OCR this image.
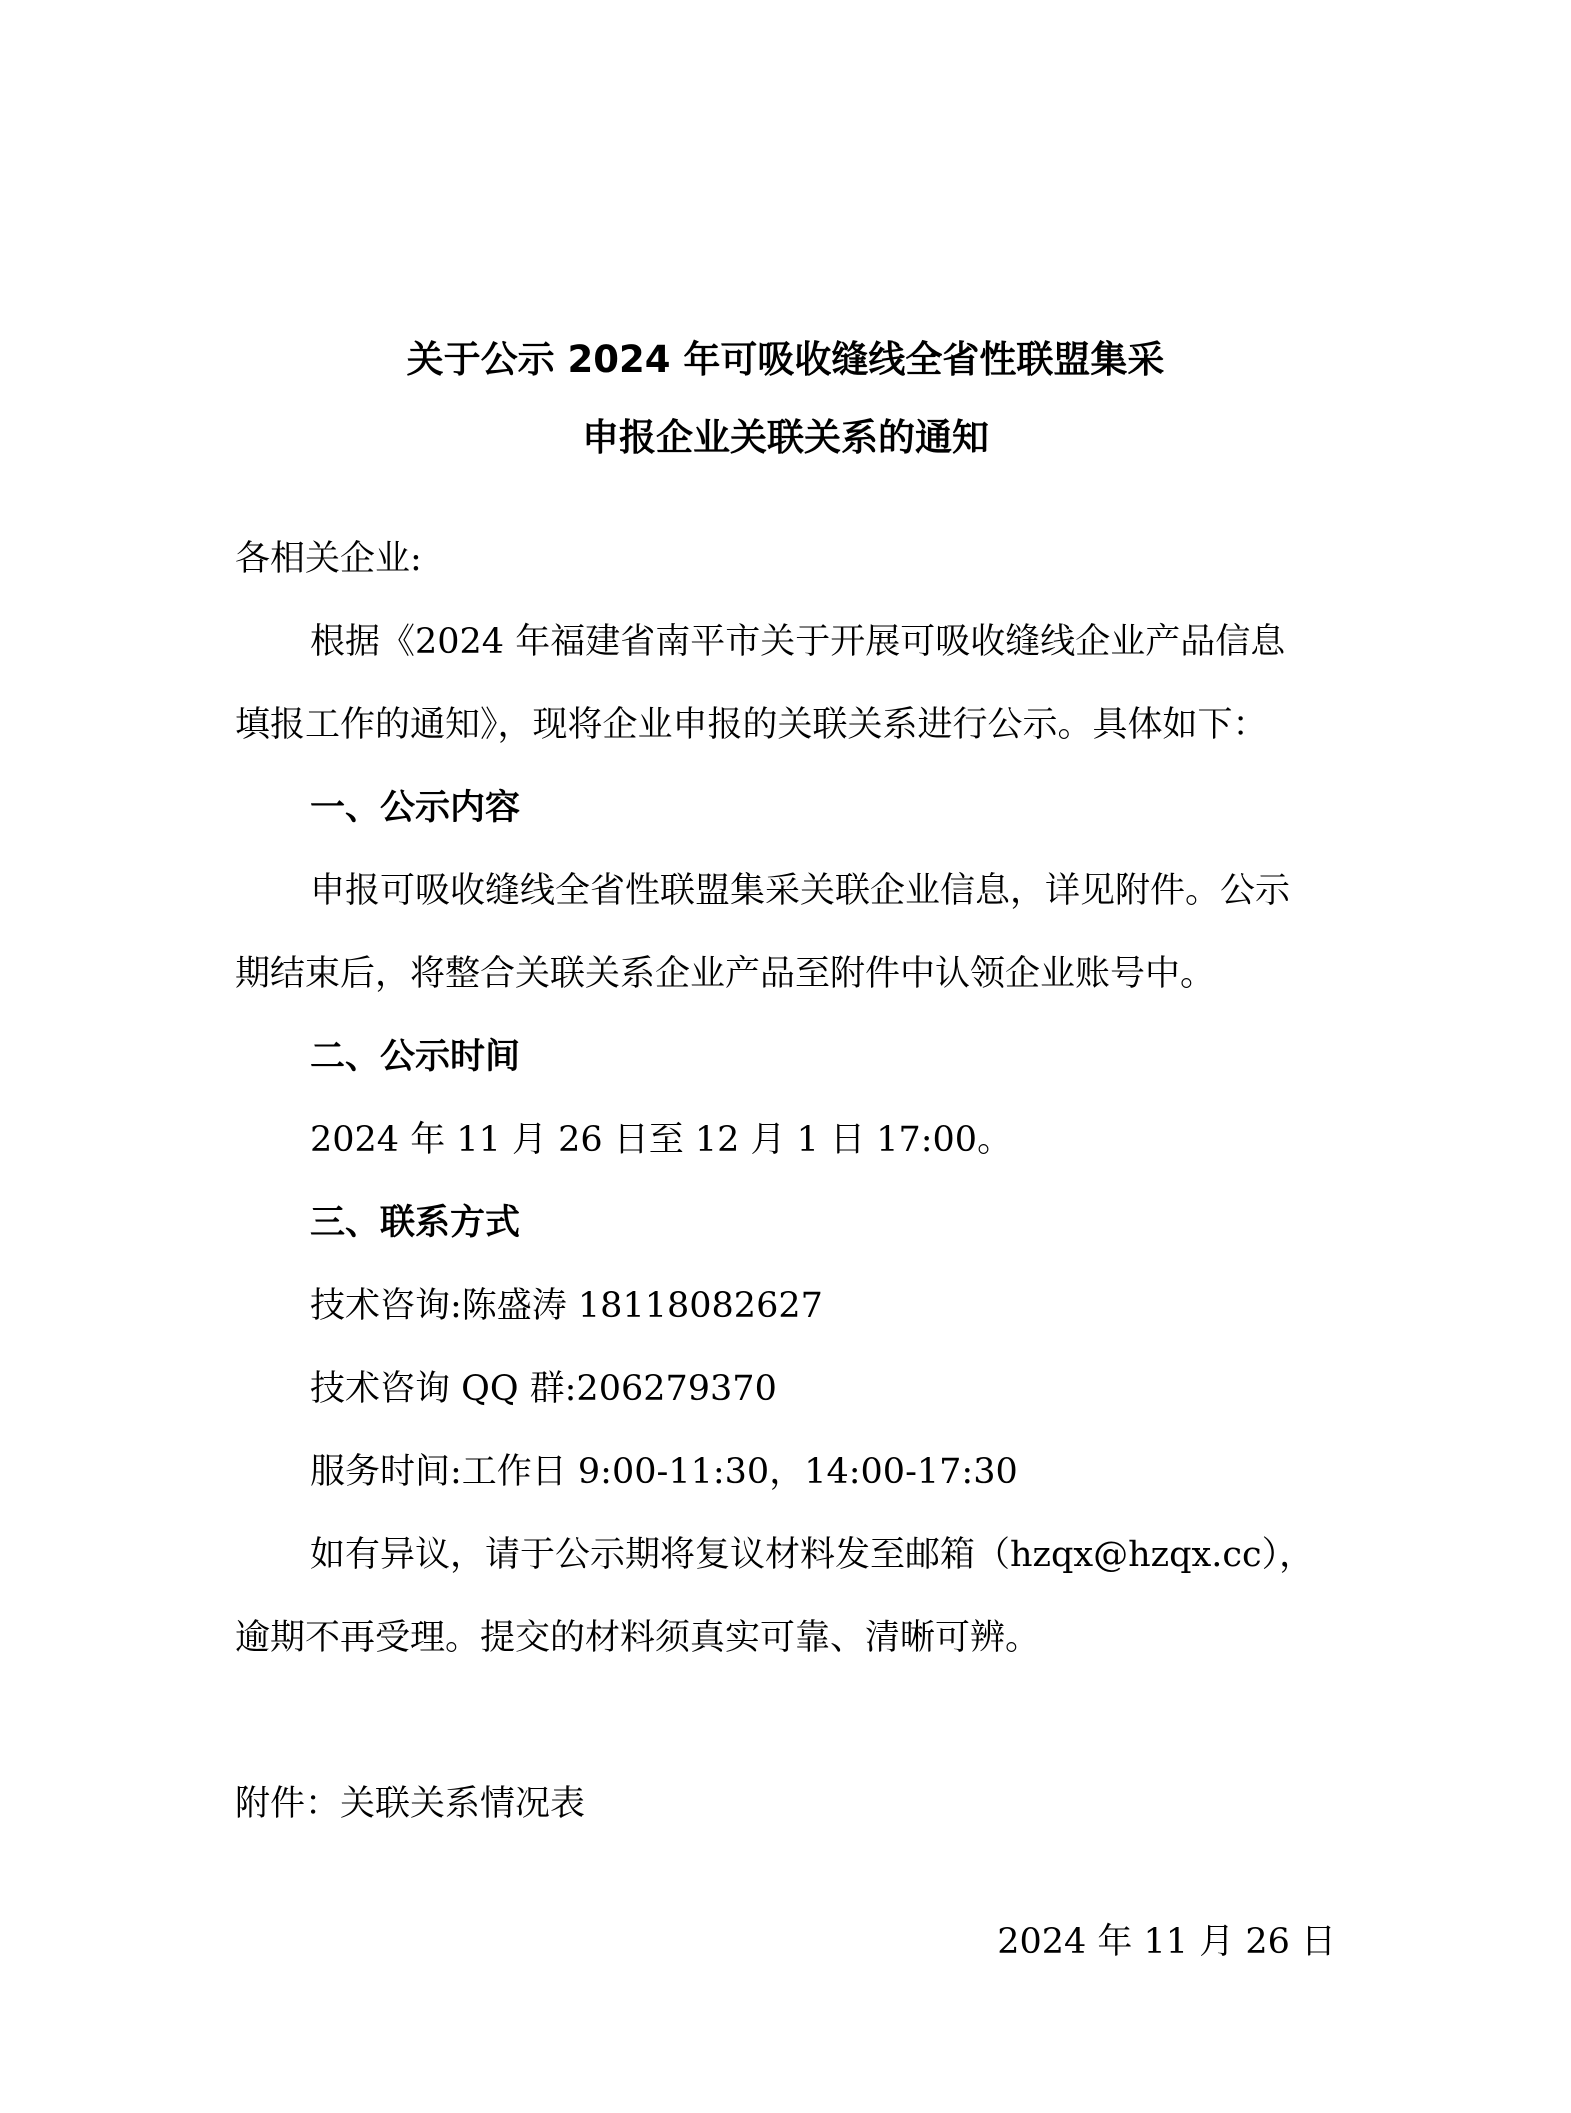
关于公示 2024 年可吸收缝线全省性联盟集采
申报企业关联关系的通知
各相关企业:
根据《2024 年福建省南平市关于开展可吸收缝线企业产品信息
填报工作的通知》，现将企业申报的关联关系进行公示。具体如下：
一、公示内容
申报可吸收缝线全省性联盟集采关联企业信息，详见附件。公示
期结束后，将整合关联关系企业产品至附件中认领企业账号中。
二、公示时间
2024 年 11 月 26 日至 12 月 1 日 17:00。
三、联系方式
技术咨询:陈盛涛 18118082627
技术咨询 QQ 群:206279370
服务时间:工作日 9:00-11:30，14:00-17:30
如有异议，请于公示期将复议材料发至邮箱（hzqx@hzqx.cc），
逾期不再受理。提交的材料须真实可靠、清晰可辨。
附件：关联关系情况表
2024 年 11 月 26 日
